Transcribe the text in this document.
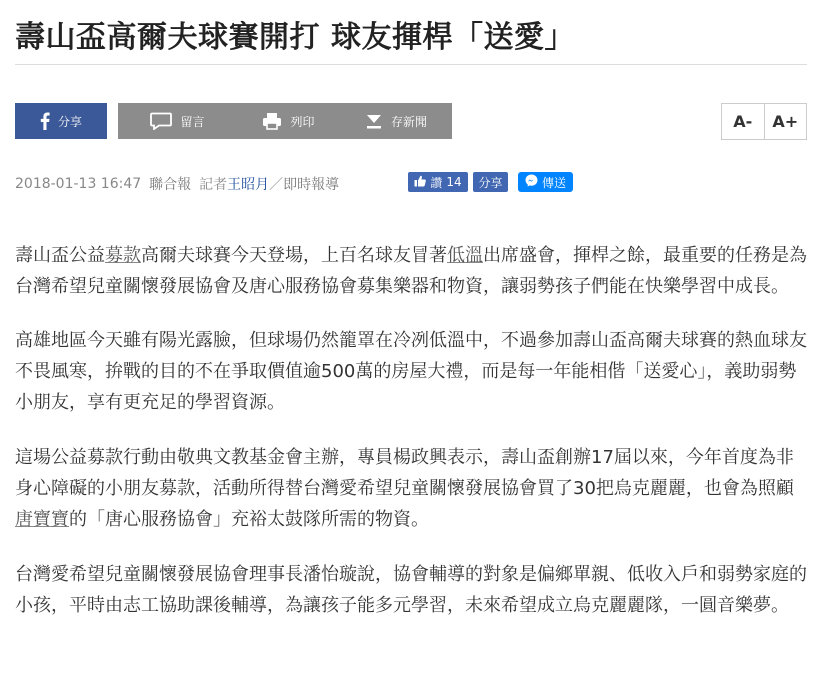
壽山盃高爾夫球賽開打 球友揮桿「送愛」
分享	留言	列印	存新聞	A-	A+
2018-01-13 16:47 聯合報 記者 王昭月 ／ 即時報導	讚 14	分享	傳送

壽山盃公益募款高爾夫球賽今天登場，上百名球友冒著低溫出席盛會，揮桿之餘，最重要的任務是為台灣希望兒童關懷發展協會及唐心服務協會募集樂器和物資，讓弱勢孩子們能在快樂學習中成長。

高雄地區今天雖有陽光露臉，但球場仍然籠罩在冷冽低溫中，不過參加壽山盃高爾夫球賽的熱血球友不畏風寒，拚戰的目的不在爭取價值逾500萬的房屋大禮，而是每一年能相偕「送愛心」，義助弱勢小朋友，享有更充足的學習資源。

這場公益募款行動由敬典文教基金會主辦，專員楊政興表示，壽山盃創辦17屆以來，今年首度為非身心障礙的小朋友募款，活動所得替台灣愛希望兒童關懷發展協會買了30把烏克麗麗，也會為照顧唐寶寶的「唐心服務協會」充裕太鼓隊所需的物資。

台灣愛希望兒童關懷發展協會理事長潘怡璇說，協會輔導的對象是偏鄉單親、低收入戶和弱勢家庭的小孩，平時由志工協助課後輔導，為讓孩子能多元學習，未來希望成立烏克麗麗隊，一圓音樂夢。
